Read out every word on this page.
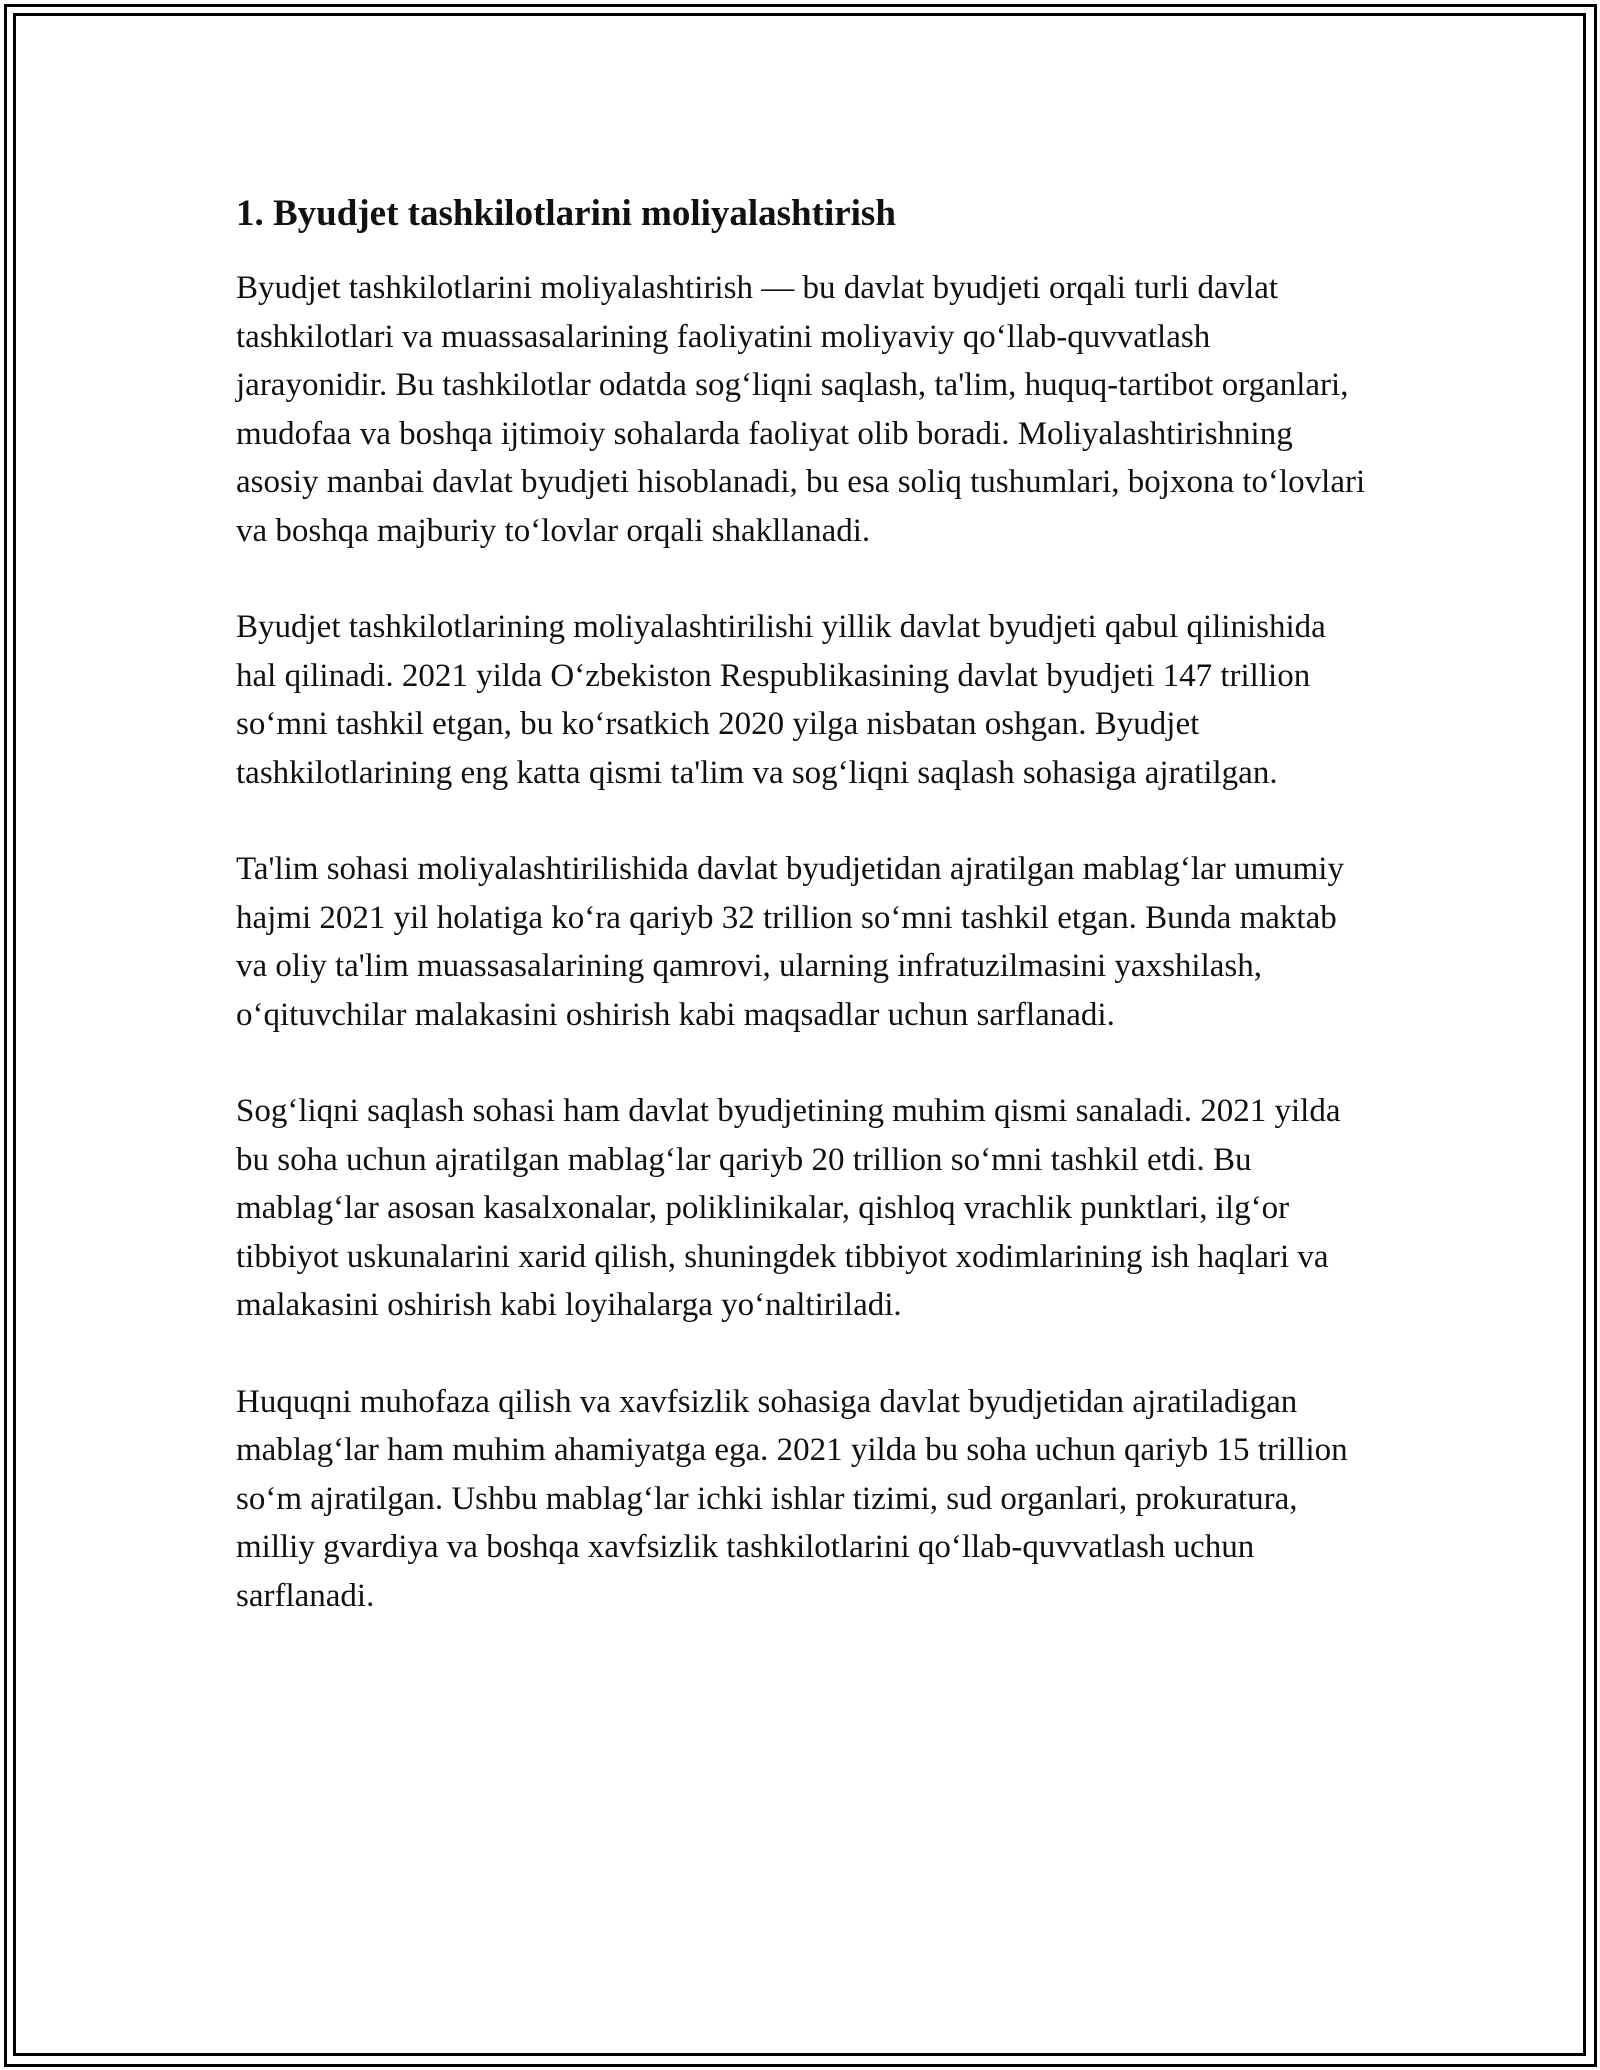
1. Byudjet tashkilotlarini moliyalashtirish

Byudjet tashkilotlarini moliyalashtirish — bu davlat byudjeti orqali turli davlat tashkilotlari va muassasalarining faoliyatini moliyaviy qo‘llab-quvvatlash jarayonidir. Bu tashkilotlar odatda sog‘liqni saqlash, ta'lim, huquq-tartibot organlari, mudofaa va boshqa ijtimoiy sohalarda faoliyat olib boradi. Moliyalashtirishning asosiy manbai davlat byudjeti hisoblanadi, bu esa soliq tushumlari, bojxona to‘lovlari va boshqa majburiy to‘lovlar orqali shakllanadi.

Byudjet tashkilotlarining moliyalashtirilishi yillik davlat byudjeti qabul qilinishida hal qilinadi. 2021 yilda O‘zbekiston Respublikasining davlat byudjeti 147 trillion so‘mni tashkil etgan, bu ko‘rsatkich 2020 yilga nisbatan oshgan. Byudjet tashkilotlarining eng katta qismi ta'lim va sog‘liqni saqlash sohasiga ajratilgan.

Ta'lim sohasi moliyalashtirilishida davlat byudjetidan ajratilgan mablag‘lar umumiy hajmi 2021 yil holatiga ko‘ra qariyb 32 trillion so‘mni tashkil etgan. Bunda maktab va oliy ta'lim muassasalarining qamrovi, ularning infratuzilmasini yaxshilash, o‘qituvchilar malakasini oshirish kabi maqsadlar uchun sarflanadi.

Sog‘liqni saqlash sohasi ham davlat byudjetining muhim qismi sanaladi. 2021 yilda bu soha uchun ajratilgan mablag‘lar qariyb 20 trillion so‘mni tashkil etdi. Bu mablag‘lar asosan kasalxonalar, poliklinikalar, qishloq vrachlik punktlari, ilg‘or tibbiyot uskunalarini xarid qilish, shuningdek tibbiyot xodimlarining ish haqlari va malakasini oshirish kabi loyihalarga yo‘naltiriladi.

Huquqni muhofaza qilish va xavfsizlik sohasiga davlat byudjetidan ajratiladigan mablag‘lar ham muhim ahamiyatga ega. 2021 yilda bu soha uchun qariyb 15 trillion so‘m ajratilgan. Ushbu mablag‘lar ichki ishlar tizimi, sud organlari, prokuratura, milliy gvardiya va boshqa xavfsizlik tashkilotlarini qo‘llab-quvvatlash uchun sarflanadi.
